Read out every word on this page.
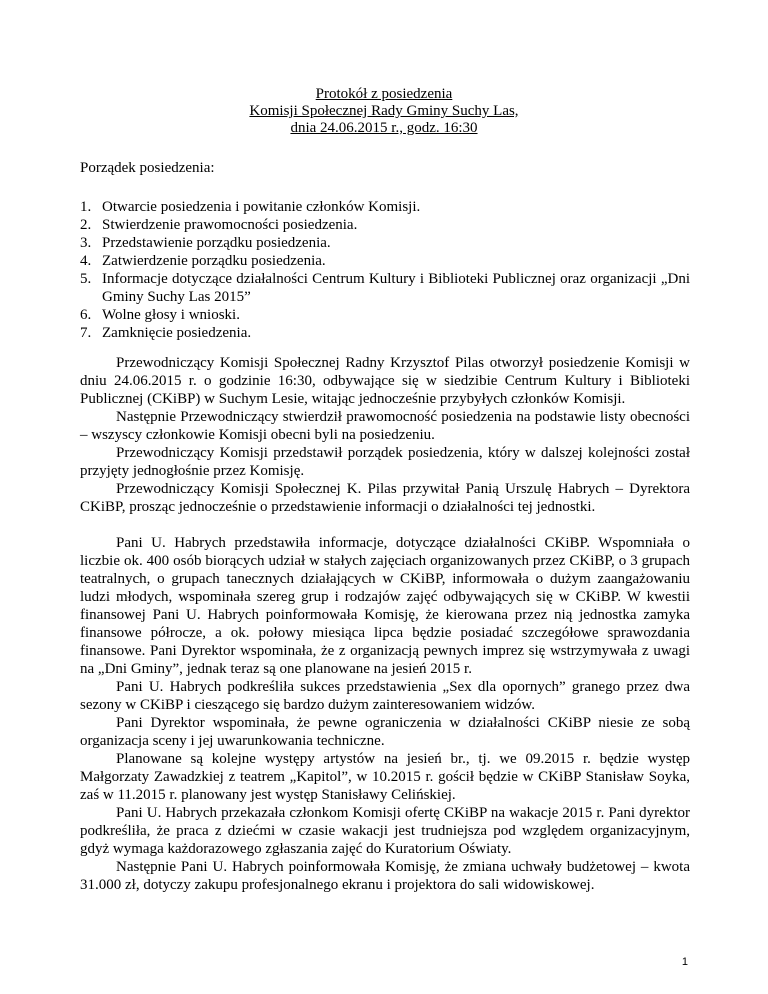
Protokół z posiedzenia
Komisji Społecznej Rady Gminy Suchy Las,
dnia 24.06.2015 r., godz. 16:30
Porządek posiedzenia:
1. Otwarcie posiedzenia i powitanie członków Komisji.
2. Stwierdzenie prawomocności posiedzenia.
3. Przedstawienie porządku posiedzenia.
4. Zatwierdzenie porządku posiedzenia.
5. Informacje dotyczące działalności Centrum Kultury i Biblioteki Publicznej oraz organizacji „Dni Gminy Suchy Las 2015”
6. Wolne głosy i wnioski.
7. Zamknięcie posiedzenia.

Przewodniczący Komisji Społecznej Radny Krzysztof Pilas otworzył posiedzenie Komisji w dniu 24.06.2015 r. o godzinie 16:30, odbywające się w siedzibie Centrum Kultury i Biblioteki Publicznej (CKiBP) w Suchym Lesie, witając jednocześnie przybyłych członków Komisji.

Następnie Przewodniczący stwierdził prawomocność posiedzenia na podstawie listy obecności – wszyscy członkowie Komisji obecni byli na posiedzeniu.

Przewodniczący Komisji przedstawił porządek posiedzenia, który w dalszej kolejności został przyjęty jednogłośnie przez Komisję.

Przewodniczący Komisji Społecznej K. Pilas przywitał Panią Urszulę Habrych – Dyrektora CKiBP, prosząc jednocześnie o przedstawienie informacji o działalności tej jednostki.

Pani U. Habrych przedstawiła informacje, dotyczące działalności CKiBP. Wspomniała o liczbie ok. 400 osób biorących udział w stałych zajęciach organizowanych przez CKiBP, o 3 grupach teatralnych, o grupach tanecznych działających w CKiBP, informowała o dużym zaangażowaniu ludzi młodych, wspominała szereg grup i rodzajów zajęć odbywających się w CKiBP. W kwestii finansowej Pani U. Habrych poinformowała Komisję, że kierowana przez nią jednostka zamyka finansowe półrocze, a ok. połowy miesiąca lipca będzie posiadać szczegółowe sprawozdania finansowe. Pani Dyrektor wspominała, że z organizacją pewnych imprez się wstrzymywała z uwagi na „Dni Gminy”, jednak teraz są one planowane na jesień 2015 r.

Pani U. Habrych podkreśliła sukces przedstawienia „Sex dla opornych” granego przez dwa sezony w CKiBP i cieszącego się bardzo dużym zainteresowaniem widzów.

Pani Dyrektor wspominała, że pewne ograniczenia w działalności CKiBP niesie ze sobą organizacja sceny i jej uwarunkowania techniczne.

Planowane są kolejne występy artystów na jesień br., tj. we 09.2015 r. będzie występ Małgorzaty Zawadzkiej z teatrem „Kapitol”, w 10.2015 r. gościł będzie w CKiBP Stanisław Soyka, zaś w 11.2015 r. planowany jest występ Stanisławy Celińskiej.

Pani U. Habrych przekazała członkom Komisji ofertę CKiBP na wakacje 2015 r. Pani dyrektor podkreśliła, że praca z dziećmi w czasie wakacji jest trudniejsza pod względem organizacyjnym, gdyż wymaga każdorazowego zgłaszania zajęć do Kuratorium Oświaty.

Następnie Pani U. Habrych poinformowała Komisję, że zmiana uchwały budżetowej – kwota 31.000 zł, dotyczy zakupu profesjonalnego ekranu i projektora do sali widowiskowej.

1
